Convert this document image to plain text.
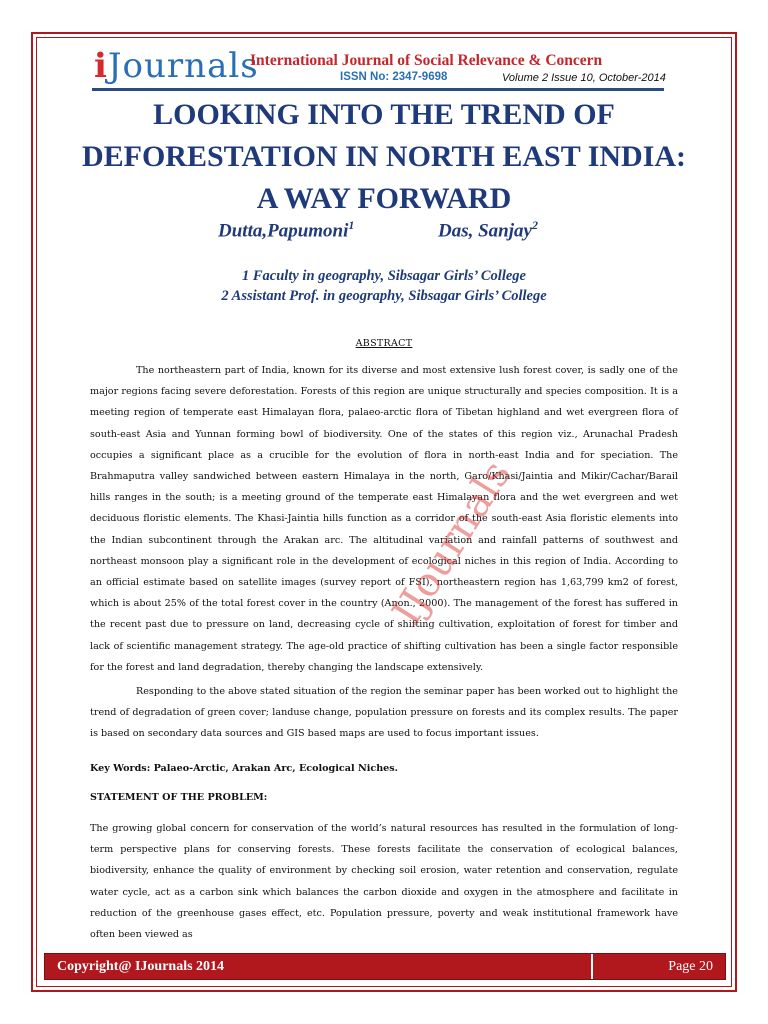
iJournals
International Journal of Social Relevance & Concern
ISSN No: 2347-9698	Volume 2 Issue 10, October-2014
LOOKING INTO THE TREND OF
DEFORESTATION IN NORTH EAST INDIA:
A WAY FORWARD
Dutta,Papumoni$^1$	Das, Sanjay$^2$
1 Faculty in geography, Sibsagar Girls’ College
2 Assistant Prof. in geography, Sibsagar Girls’ College
ABSTRACT
The northeastern part of India, known for its diverse and most extensive lush forest cover, is sadly one of the major regions facing severe deforestation. Forests of this region are unique structurally and species composition. It is a meeting region of temperate east Himalayan flora, palaeo-arctic flora of Tibetan highland and wet evergreen flora of south-east Asia and Yunnan forming bowl of biodiversity. One of the states of this region viz., Arunachal Pradesh occupies a significant place as a crucible for the evolution of flora in north-east India and for speciation. The Brahmaputra valley sandwiched between eastern Himalaya in the north, Garo/Khasi/Jaintia and Mikir/Cachar/Barail hills ranges in the south; is a meeting ground of the temperate east Himalayan flora and the wet evergreen and wet deciduous floristic elements. The Khasi-Jaintia hills function as a corridor of the south-east Asia floristic elements into the Indian subcontinent through the Arakan arc. The altitudinal variation and rainfall patterns of southwest and northeast monsoon play a significant role in the development of ecological niches in this region of India. According to an official estimate based on satellite images (survey report of FSI), northeastern region has 1,63,799 km2 of forest, which is about 25% of the total forest cover in the country (Anon., 2000). The management of the forest has suffered in the recent past due to pressure on land, decreasing cycle of shifting cultivation, exploitation of forest for timber and lack of scientific management strategy. The age-old practice of shifting cultivation has been a single factor responsible for the forest and land degradation, thereby changing the landscape extensively.
Responding to the above stated situation of the region the seminar paper has been worked out to highlight the trend of degradation of green cover; landuse change, population pressure on forests and its complex results. The paper is based on secondary data sources and GIS based maps are used to focus important issues.
Key Words: Palaeo-Arctic, Arakan Arc, Ecological Niches.
STATEMENT OF THE PROBLEM:
The growing global concern for conservation of the world’s natural resources has resulted in the formulation of long-term perspective plans for conserving forests. These forests facilitate the conservation of ecological balances, biodiversity, enhance the quality of environment by checking soil erosion, water retention and conservation, regulate water cycle, act as a carbon sink which balances the carbon dioxide and oxygen in the atmosphere and facilitate in reduction of the greenhouse gases effect, etc. Population pressure, poverty and weak institutional framework have often been viewed as
IJournals
Copyright@ IJournals 2014	Page 20
